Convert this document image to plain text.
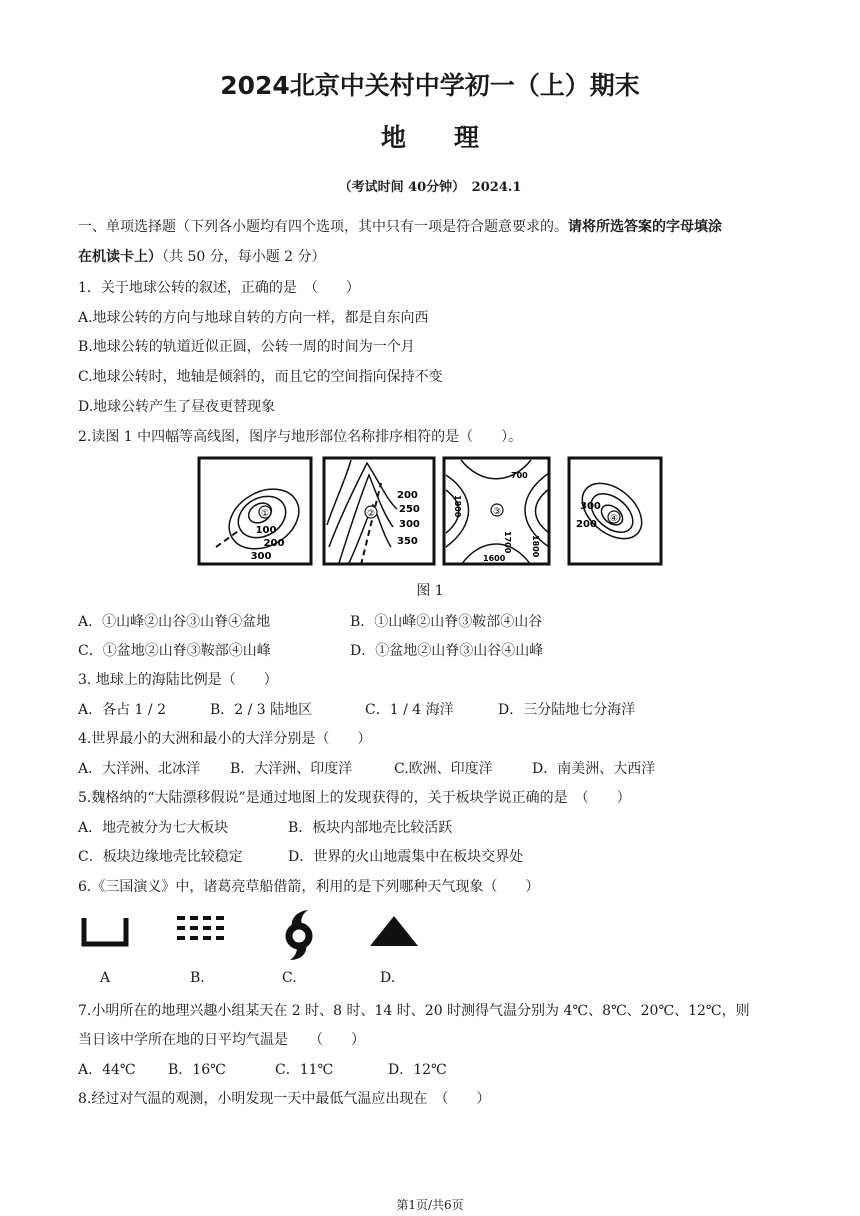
2024北京中关村中学初一（上）期末
地理
（考试时间 40分钟）　2024.1
一、单项选择题（下列各小题均有四个选项，其中只有一项是符合题意要求的。请将所选答案的字母填涂
在机读卡上）（共 50 分，每小题 2 分）
1．关于地球公转的叙述，正确的是　（　　）
A.地球公转的方向与地球自转的方向一样，都是自东向西
B.地球公转的轨道近似正圆，公转一周的时间为一个月
C.地球公转时，地轴是倾斜的，而且它的空间指向保持不变
D.地球公转产生了昼夜更替现象
2.读图 1 中四幅等高线图，图序与地形部位名称排序相符的是（　　）。
①
100
200
300
②
200
250
300
350
③
700
1800
1700 1800
1600
④
300
200
图 1
A．①山峰②山谷③山脊④盆地	B．①山峰②山脊③鞍部④山谷
C．①盆地②山脊③鞍部④山峰	D．①盆地②山脊③山谷④山峰
3. 地球上的海陆比例是（　　）
A．各占 1 / 2	B．2 / 3 陆地区	C．1 / 4 海洋	D．三分陆地七分海洋
4.世界最小的大洲和最小的大洋分别是（　　）
A．大洋洲、北冰洋 B．大洋洲、印度洋	C.欧洲、印度洋	D．南美洲、大西洋
5.魏格纳的“大陆漂移假说”是通过地图上的发现获得的，关于板块学说正确的是　（　　）
A．地壳被分为七大板块	B．板块内部地壳比较活跃
C．板块边缘地壳比较稳定	D．世界的火山地震集中在板块交界处
6.《三国演义》中，诸葛亮草船借箭，利用的是下列哪种天气现象（　　）
A	B.	C.	D.
7.小明所在的地理兴趣小组某天在 2 时、8 时、14 时、20 时测得气温分别为 4℃、8℃、20℃、12℃，则
当日该中学所在地的日平均气温是　　（　　）
A．44℃ B．16℃	C．11℃	D．12℃
8.经过对气温的观测，小明发现一天中最低气温应出现在　（　　）
第1页/共6页
